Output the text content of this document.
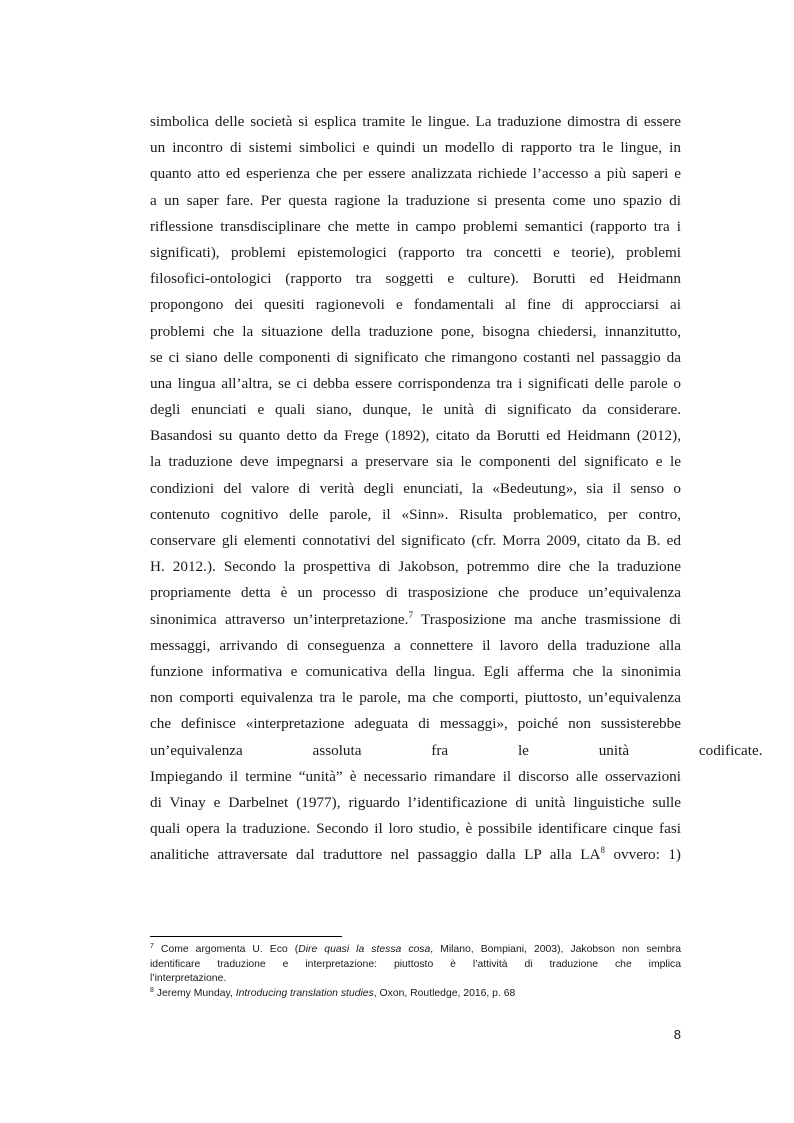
simbolica delle società si esplica tramite le lingue. La traduzione dimostra di essere
un incontro di sistemi simbolici e quindi un modello di rapporto tra le lingue, in
quanto atto ed esperienza che per essere analizzata richiede l’accesso a più saperi e
a un saper fare. Per questa ragione la traduzione si presenta come uno spazio di
riflessione transdisciplinare che mette in campo problemi semantici (rapporto tra i
significati), problemi epistemologici (rapporto tra concetti e teorie), problemi
filosofici-ontologici (rapporto tra soggetti e culture). Borutti ed Heidmann
propongono dei quesiti ragionevoli e fondamentali al fine di approcciarsi ai
problemi che la situazione della traduzione pone, bisogna chiedersi, innanzitutto,
se ci siano delle componenti di significato che rimangono costanti nel passaggio da
una lingua all’altra, se ci debba essere corrispondenza tra i significati delle parole o
degli enunciati e quali siano, dunque, le unità di significato da considerare.
Basandosi su quanto detto da Frege (1892), citato da Borutti ed Heidmann (2012),
la traduzione deve impegnarsi a preservare sia le componenti del significato e le
condizioni del valore di verità degli enunciati, la «Bedeutung», sia il senso o
contenuto cognitivo delle parole, il «Sinn». Risulta problematico, per contro,
conservare gli elementi connotativi del significato (cfr. Morra 2009, citato da B. ed
H. 2012.). Secondo la prospettiva di Jakobson, potremmo dire che la traduzione
propriamente detta è un processo di trasposizione che produce un’equivalenza
sinonimica attraverso un’interpretazione.$^7$ Trasposizione ma anche trasmissione di
messaggi, arrivando di conseguenza a connettere il lavoro della traduzione alla
funzione informativa e comunicativa della lingua. Egli afferma che la sinonimia
non comporti equivalenza tra le parole, ma che comporti, piuttosto, un’equivalenza
che definisce «interpretazione adeguata di messaggi», poiché non sussisterebbe
un’equivalenza assoluta fra le unità codificate.
Impiegando il termine “unità” è necessario rimandare il discorso alle osservazioni
di Vinay e Darbelnet (1977), riguardo l’identificazione di unità linguistiche sulle
quali opera la traduzione. Secondo il loro studio, è possibile identificare cinque fasi
analitiche attraversate dal traduttore nel passaggio dalla LP alla $LA^8$ ovvero: 1)
$^7$ Come argomenta U. Eco (Dire quasi la stessa cosa, Milano, Bompiani, 2003), Jakobson non sembra
identificare traduzione e interpretazione: piuttosto è l’attività di traduzione che implica
l’interpretazione.
$^8$ Jeremy Munday, Introducing translation studies, Oxon, Routledge, 2016, p. 68
8
